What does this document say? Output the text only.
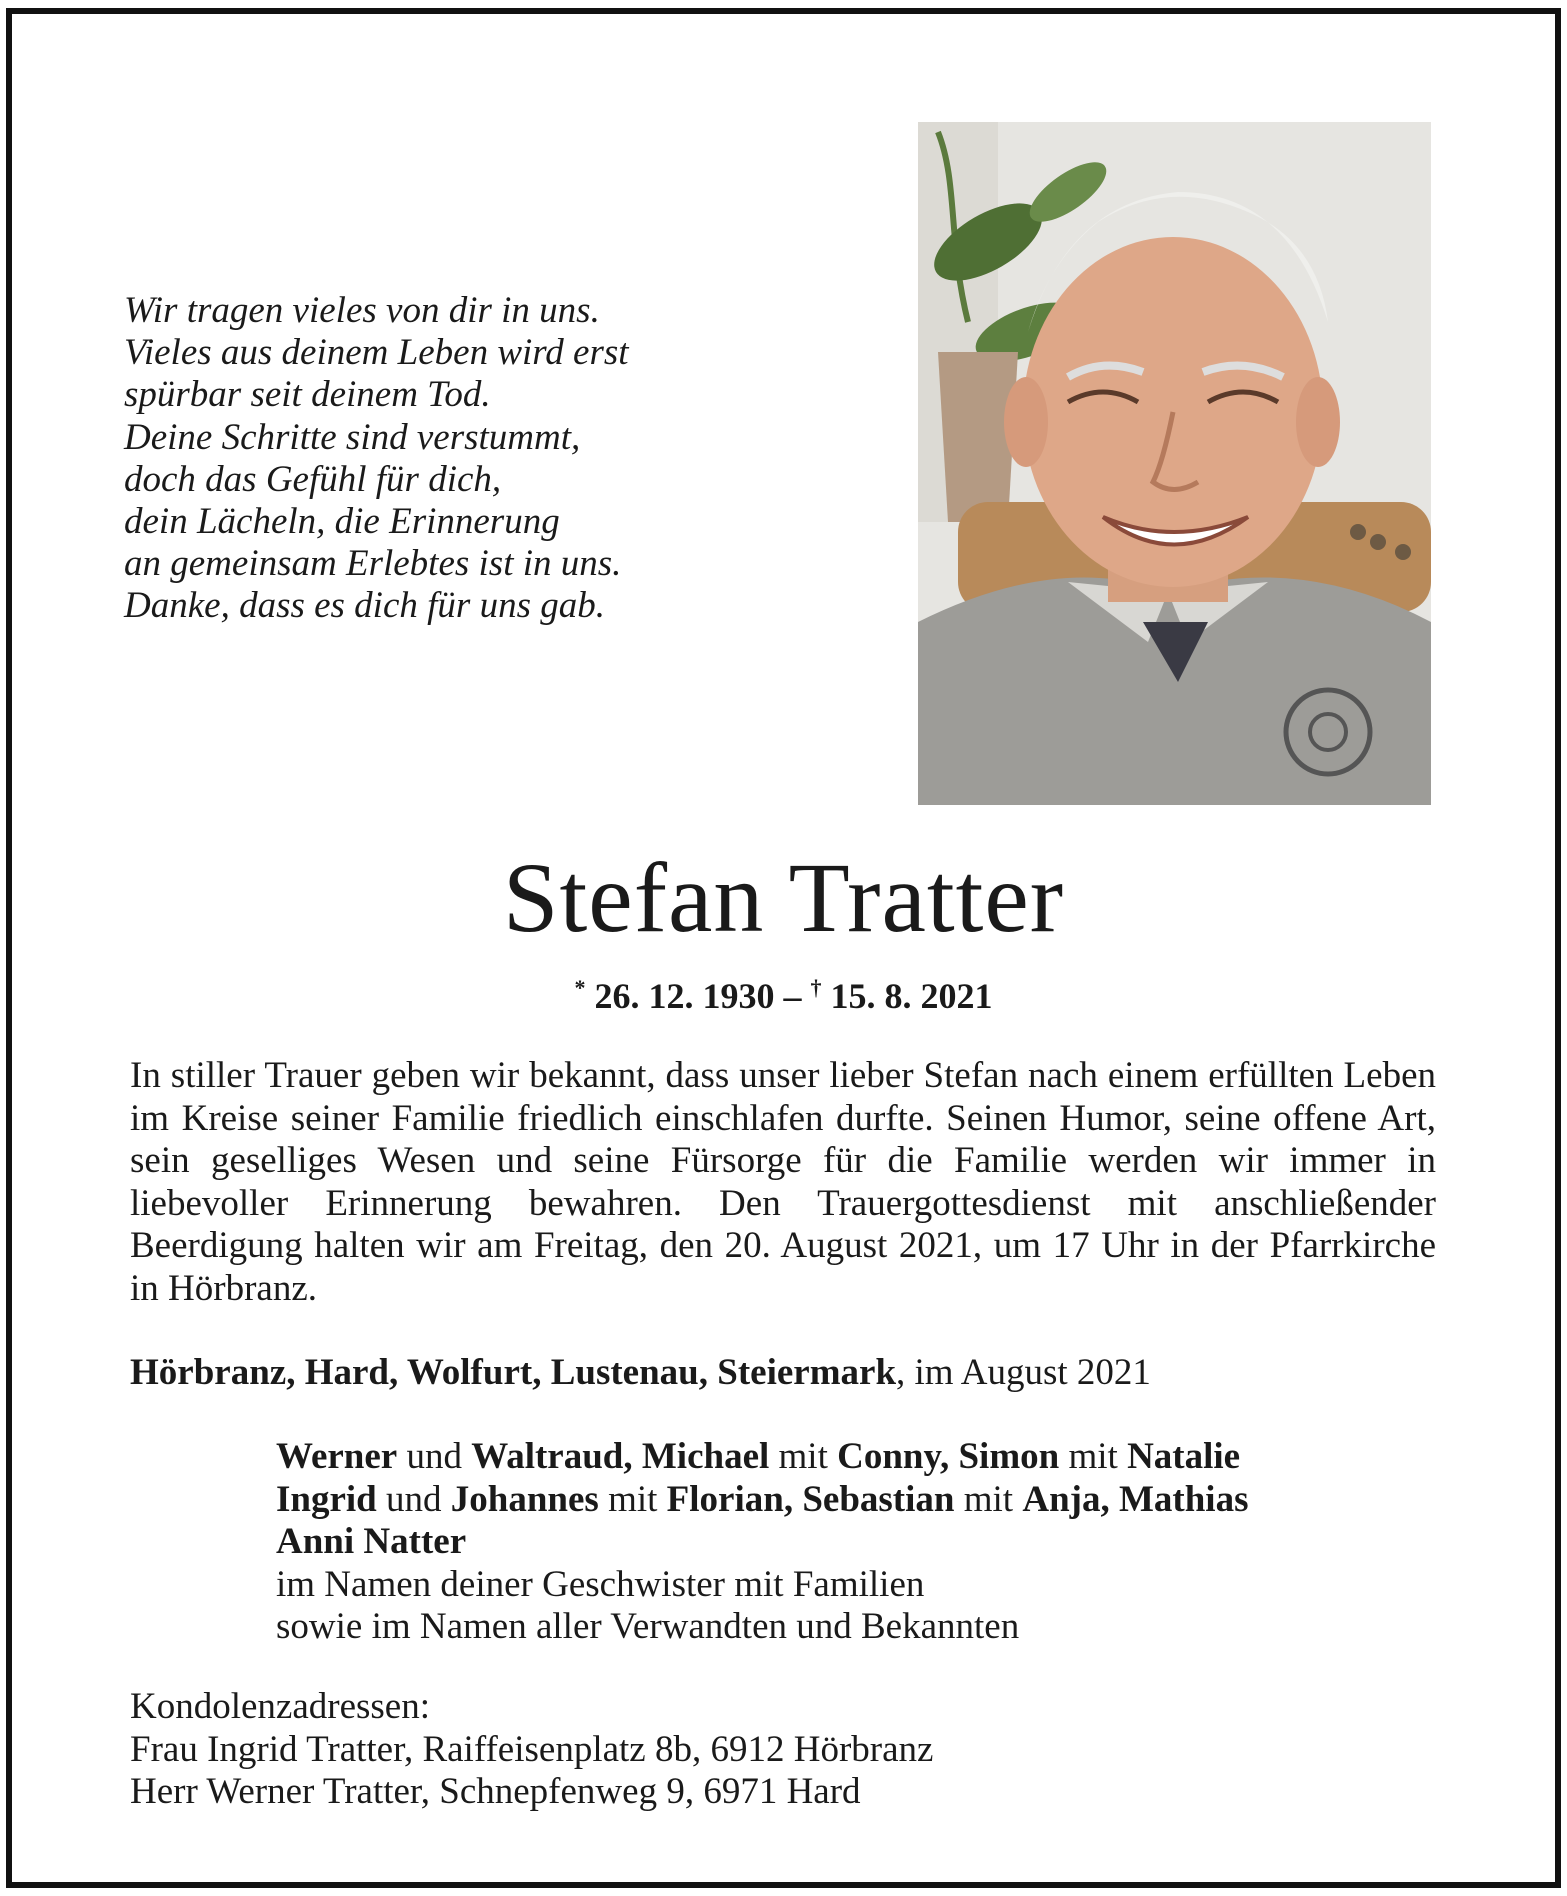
Wir tragen vieles von dir in uns.
Vieles aus deinem Leben wird erst
spürbar seit deinem Tod.
Deine Schritte sind verstummt,
doch das Gefühl für dich,
dein Lächeln, die Erinnerung
an gemeinsam Erlebtes ist in uns.
Danke, dass es dich für uns gab.
Stefan Tratter
* 26. 12. 1930 – † 15. 8. 2021
In stiller Trauer geben wir bekannt, dass unser lieber Stefan nach einem erfüllten Leben im Kreise seiner Familie friedlich einschlafen durfte. Seinen Humor, seine offene Art, sein geselliges Wesen und seine Fürsorge für die Familie werden wir immer in liebevoller Erinnerung bewahren. Den Trauergottesdienst mit anschließender Beerdigung halten wir am Freitag, den 20. August 2021, um 17 Uhr in der Pfarrkirche in Hörbranz.
Hörbranz, Hard, Wolfurt, Lustenau, Steiermark, im August 2021
Werner und Waltraud, Michael mit Conny, Simon mit Natalie
Ingrid und Johannes mit Florian, Sebastian mit Anja, Mathias
Anni Natter
im Namen deiner Geschwister mit Familien
sowie im Namen aller Verwandten und Bekannten
Kondolenzadressen:
Frau Ingrid Tratter, Raiffeisenplatz 8b, 6912 Hörbranz
Herr Werner Tratter, Schnepfenweg 9, 6971 Hard
